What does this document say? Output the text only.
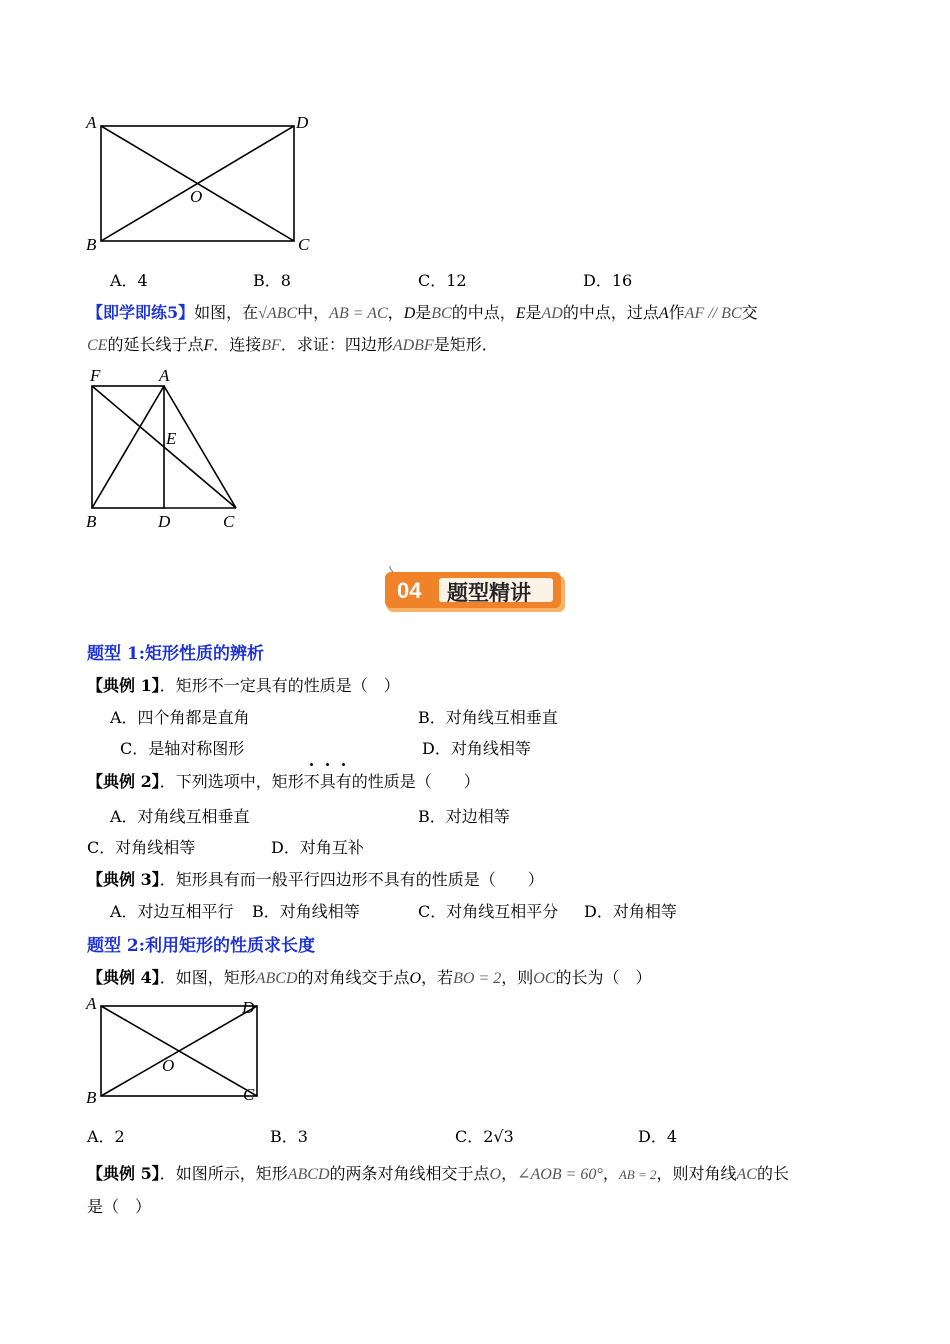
A	D
B	C
O
A．4	B．8	C．12	D．16
【即学即练5】如图，在√ABC中，AB = AC，D是BC的中点，E是AD的中点，过点A作AF // BC交
CE的延长线于点F．连接BF．求证：四边形ADBF是矩形．
F	A
E
B	D	C
04 题型精讲
题型 1:矩形性质的辨析
【典例 1】．矩形不一定具有的性质是（　）
A．四个角都是直角	B．对角线互相垂直
C．是轴对称图形	D．对角线相等
【典例 2】．下列选项中，矩形不具有的性质是（　　）
A．对角线互相垂直	B．对边相等
C．对角线相等	D．对角互补
【典例 3】．矩形具有而一般平行四边形不具有的性质是（　　）
A．对边互相平行 B．对角线相等	C．对角线互相平分 D．对角相等
题型 2:利用矩形的性质求长度
【典例 4】．如图，矩形ABCD的对角线交于点O，若BO = 2，则OC的长为（　）
A	D
B	C
O
A．2	B．3	C．2√3	D．4
【典例 5】．如图所示，矩形ABCD的两条对角线相交于点O，∠AOB = 60°，AB = 2，则对角线AC的长
是（　）
